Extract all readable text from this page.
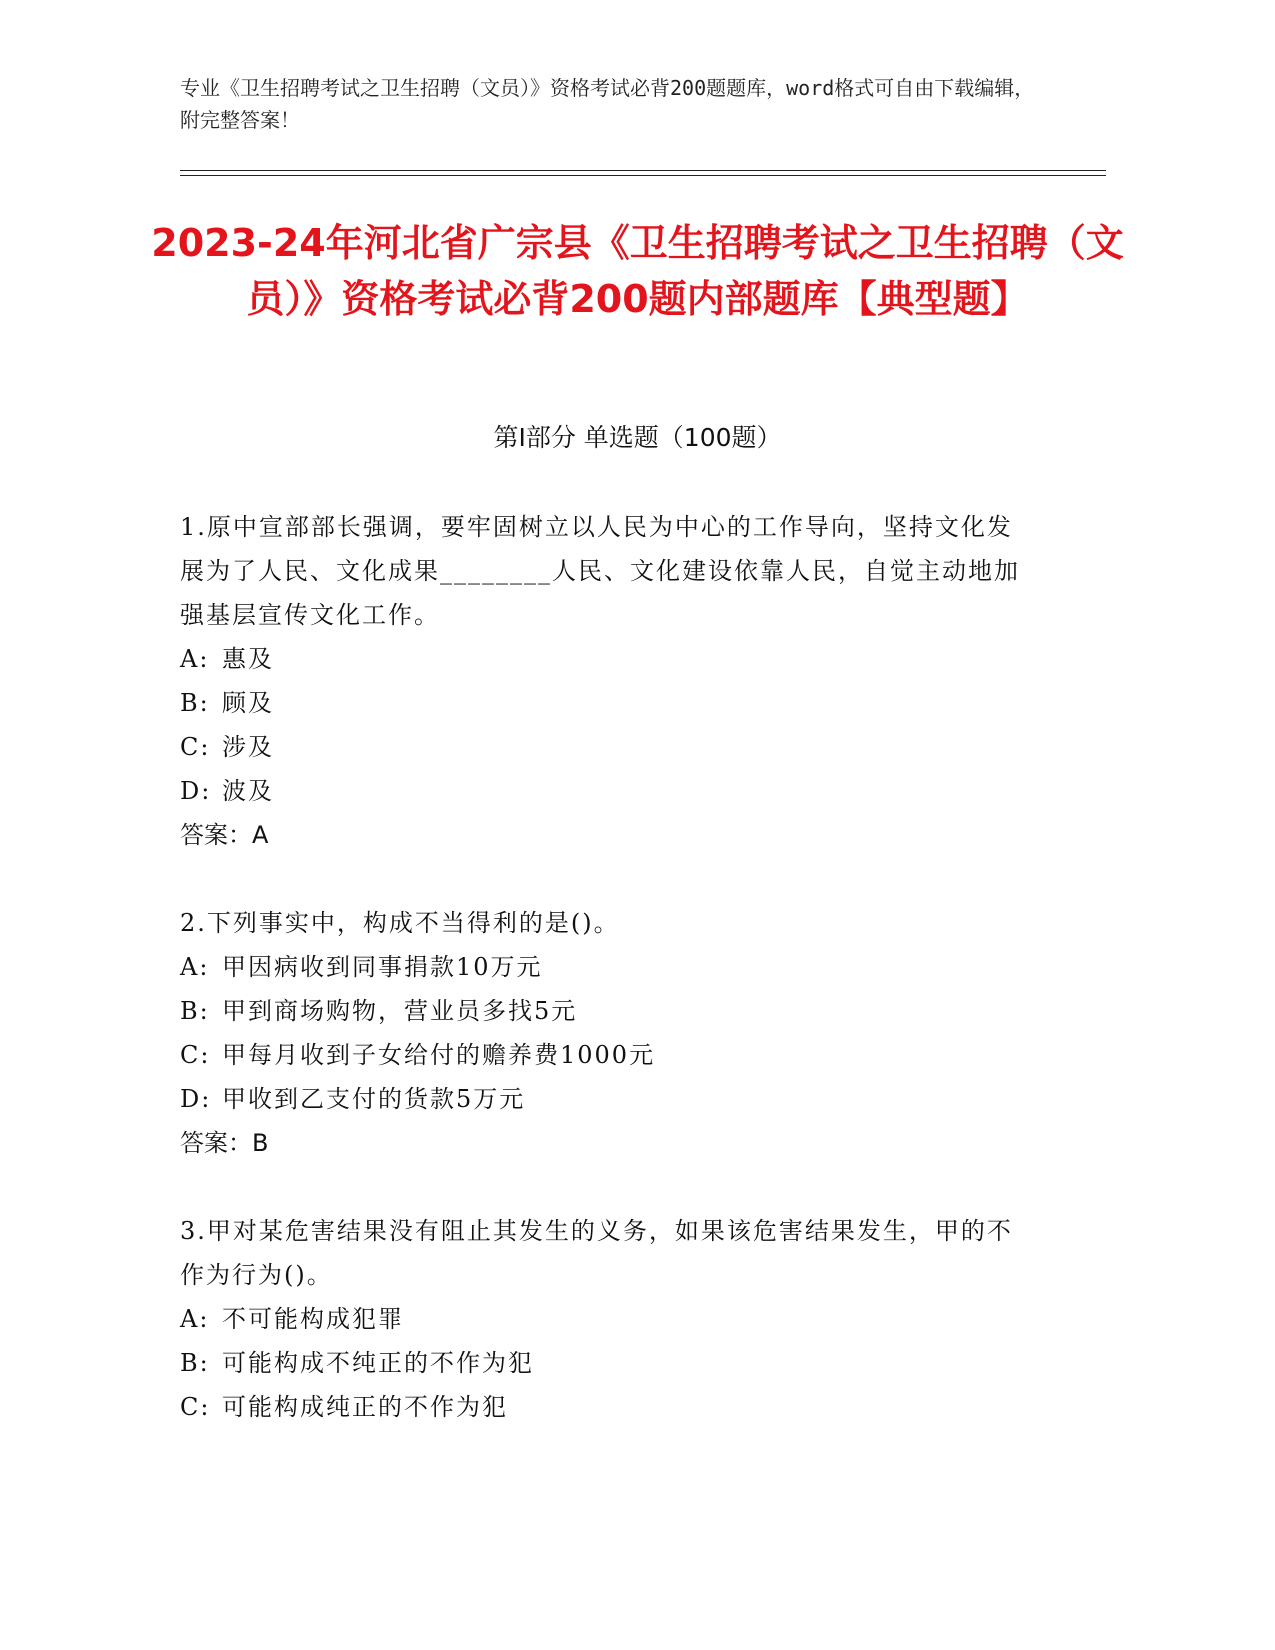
专业《卫生招聘考试之卫生招聘（文员）》资格考试必背200题题库，word格式可自由下载编辑，附完整答案！
2023-24年河北省广宗县《卫生招聘考试之卫生招聘（文员）》资格考试必背200题内部题库【典型题】
第Ⅰ部分 单选题（100题）
1.原中宣部部长强调，要牢固树立以人民为中心的工作导向，坚持文化发展为了人民、文化成果________人民、文化建设依靠人民，自觉主动地加强基层宣传文化工作。
A: 惠及
B: 顾及
C: 涉及
D: 波及
答案：A
2.下列事实中，构成不当得利的是()。
A: 甲因病收到同事捐款10万元
B: 甲到商场购物，营业员多找5元
C: 甲每月收到子女给付的赡养费1000元
D: 甲收到乙支付的货款5万元
答案：B
3.甲对某危害结果没有阻止其发生的义务，如果该危害结果发生，甲的不作为行为()。
A: 不可能构成犯罪
B: 可能构成不纯正的不作为犯
C: 可能构成纯正的不作为犯
